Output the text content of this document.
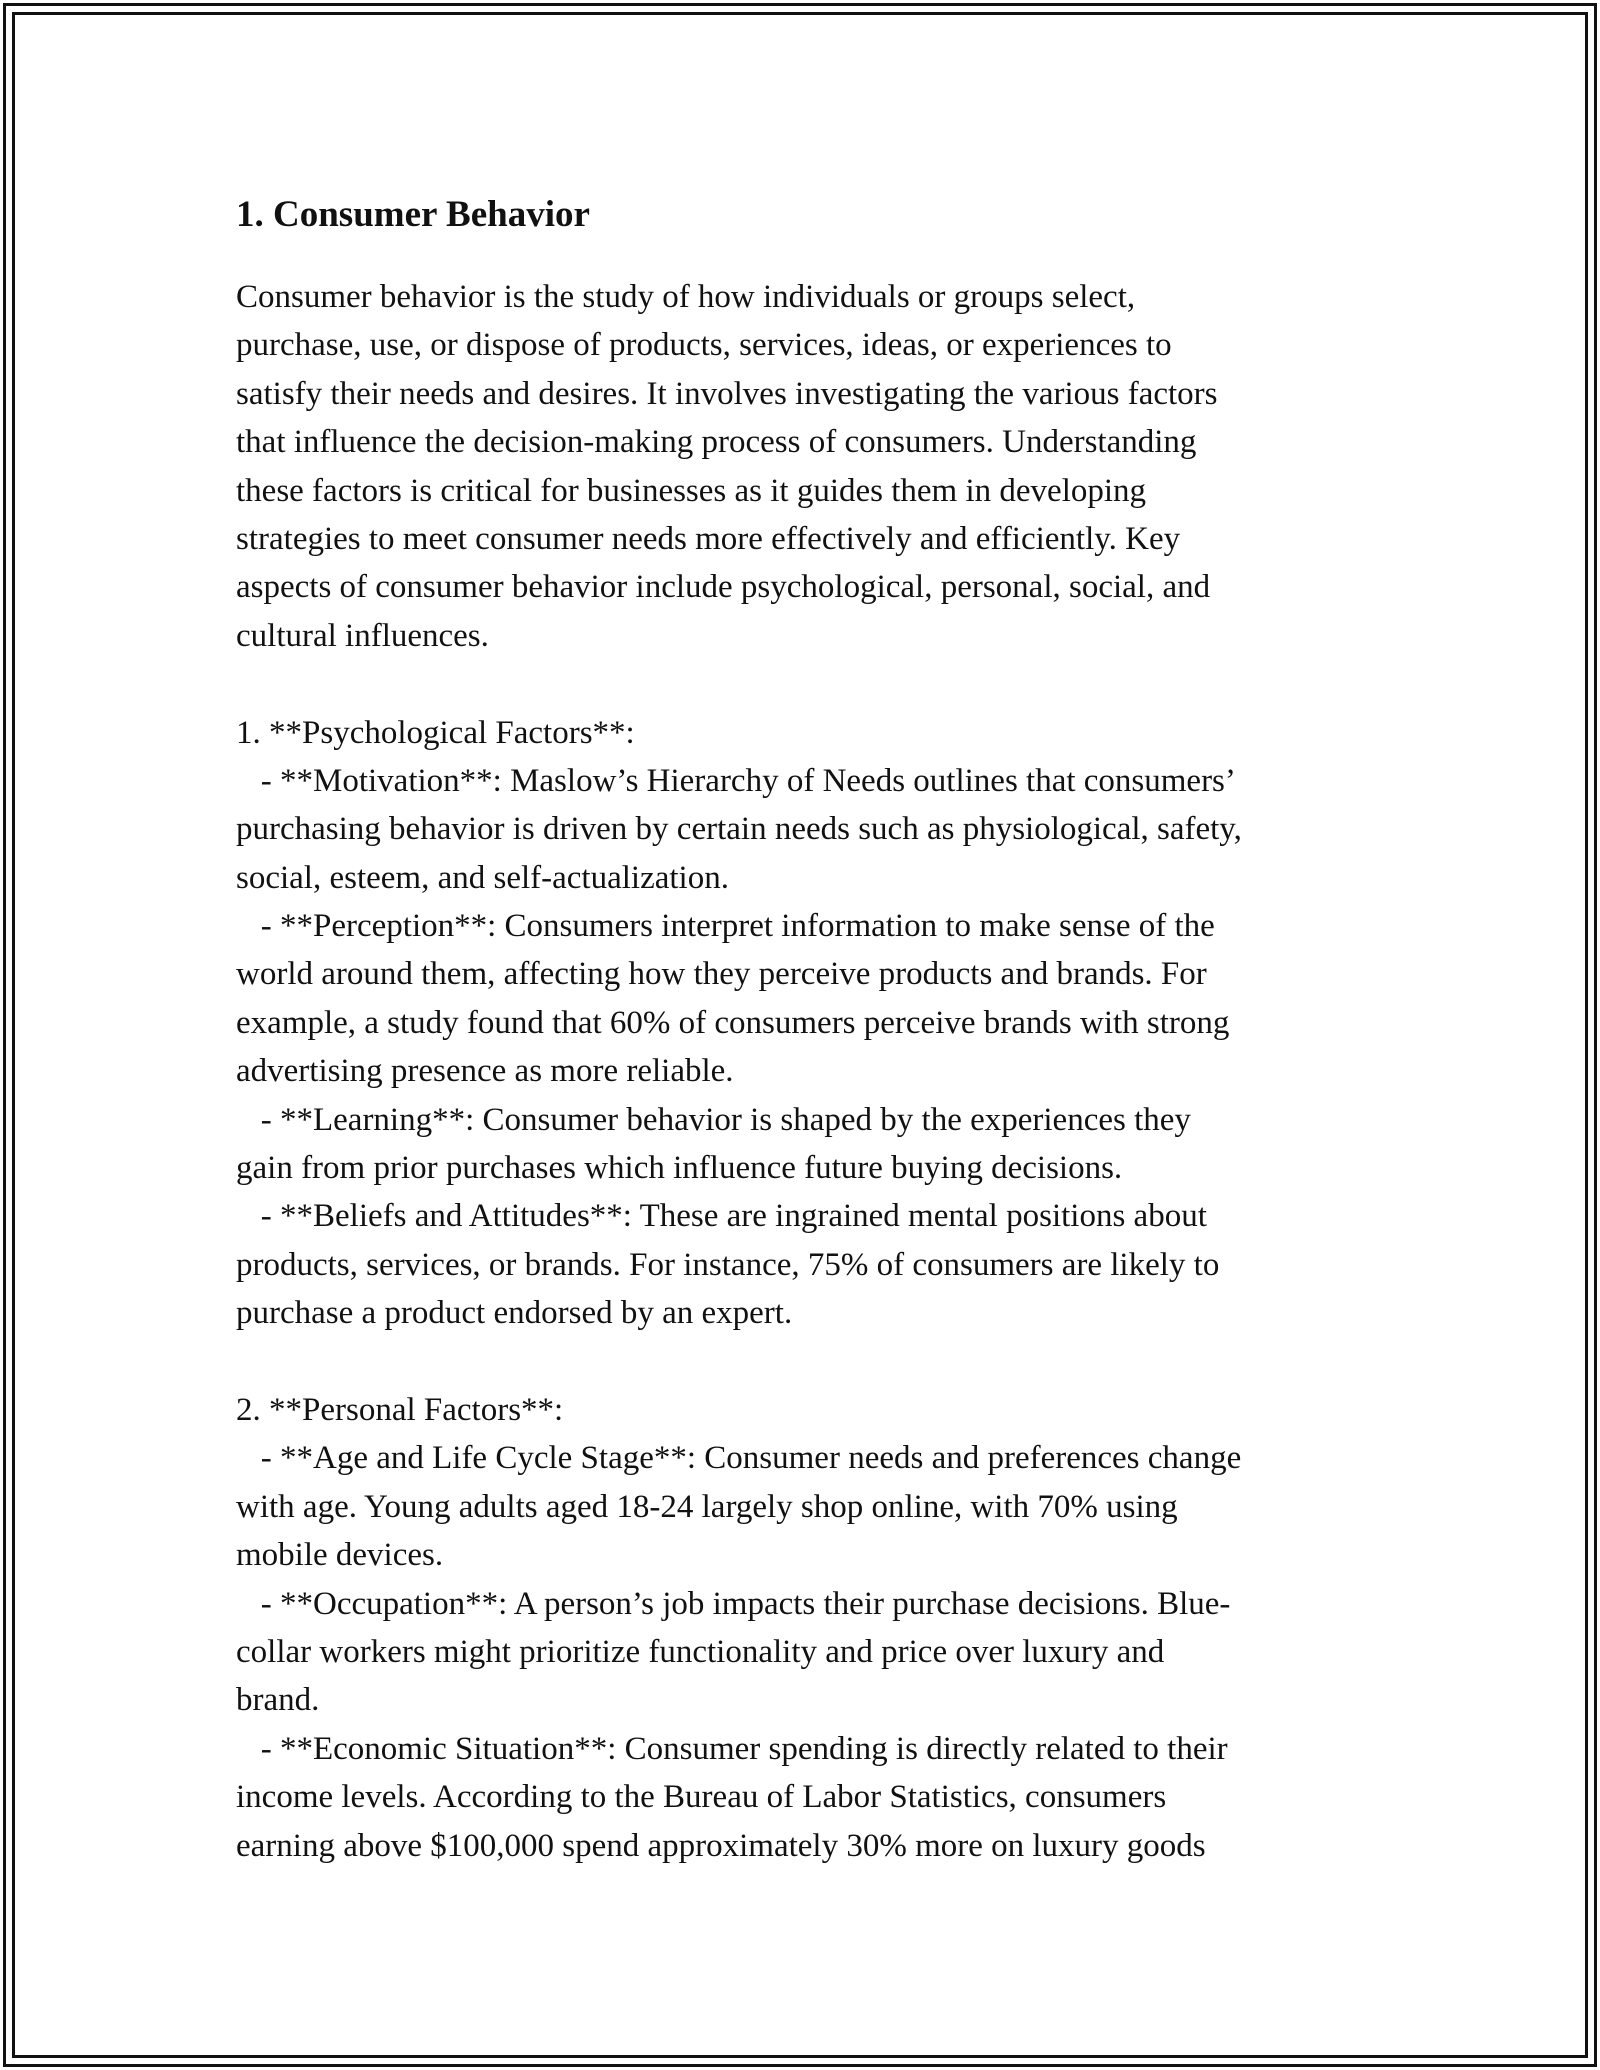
1. Consumer Behavior
Consumer behavior is the study of how individuals or groups select,
purchase, use, or dispose of products, services, ideas, or experiences to
satisfy their needs and desires. It involves investigating the various factors
that influence the decision-making process of consumers. Understanding
these factors is critical for businesses as it guides them in developing
strategies to meet consumer needs more effectively and efficiently. Key
aspects of consumer behavior include psychological, personal, social, and
cultural influences.
1. **Psychological Factors**:
- **Motivation**: Maslow’s Hierarchy of Needs outlines that consumers’
purchasing behavior is driven by certain needs such as physiological, safety,
social, esteem, and self-actualization.
- **Perception**: Consumers interpret information to make sense of the
world around them, affecting how they perceive products and brands. For
example, a study found that 60% of consumers perceive brands with strong
advertising presence as more reliable.
- **Learning**: Consumer behavior is shaped by the experiences they
gain from prior purchases which influence future buying decisions.
- **Beliefs and Attitudes**: These are ingrained mental positions about
products, services, or brands. For instance, 75% of consumers are likely to
purchase a product endorsed by an expert.
2. **Personal Factors**:
- **Age and Life Cycle Stage**: Consumer needs and preferences change
with age. Young adults aged 18-24 largely shop online, with 70% using
mobile devices.
- **Occupation**: A person’s job impacts their purchase decisions. Blue-
collar workers might prioritize functionality and price over luxury and
brand.
- **Economic Situation**: Consumer spending is directly related to their
income levels. According to the Bureau of Labor Statistics, consumers
earning above $100,000 spend approximately 30% more on luxury goods
